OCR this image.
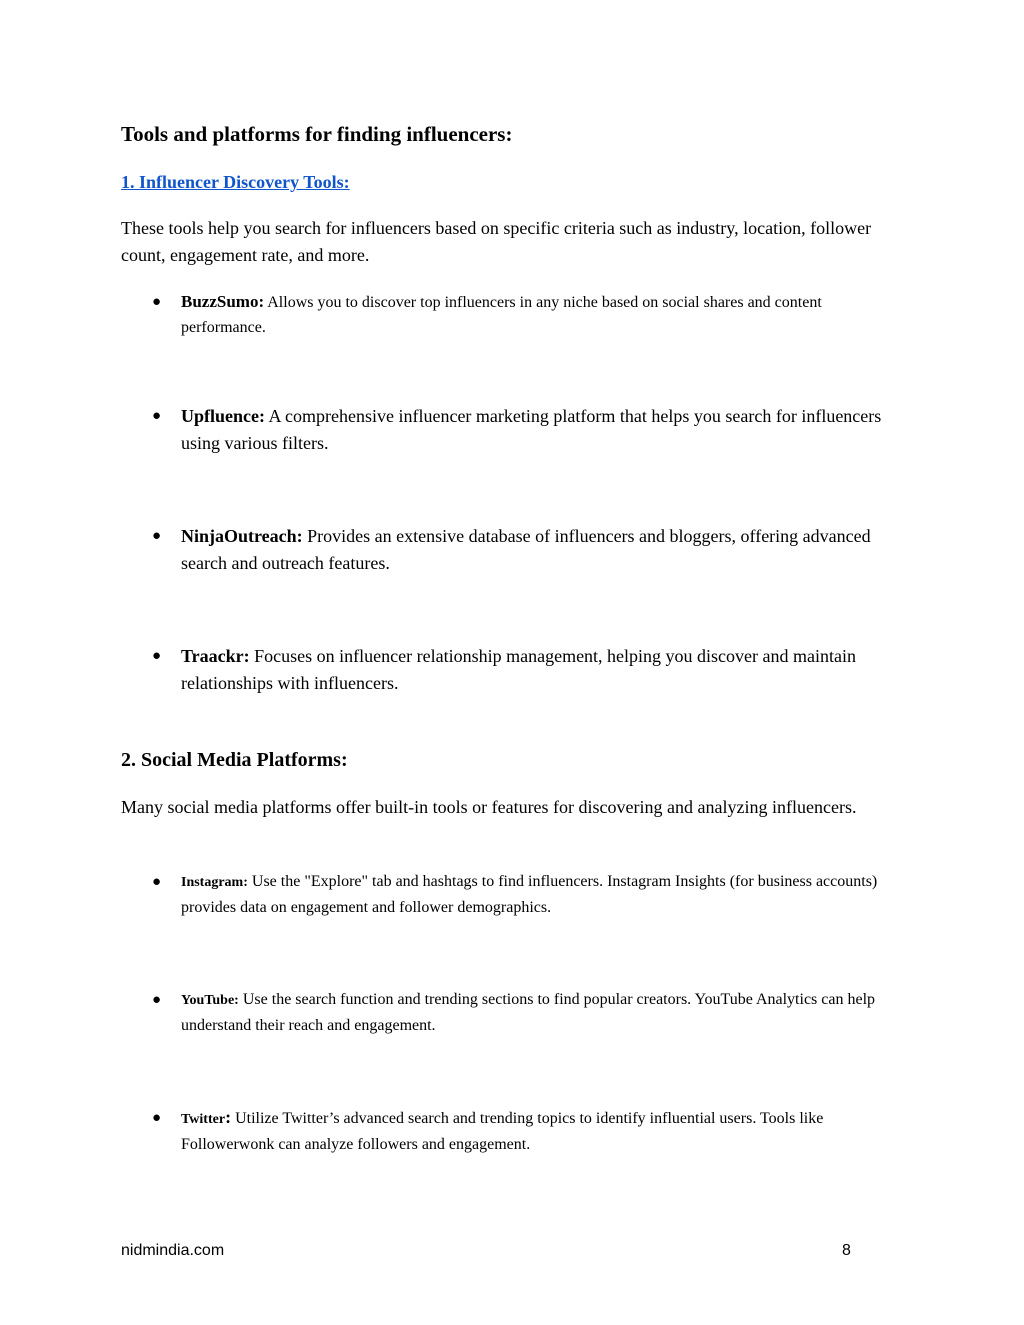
Tools and platforms for finding influencers:
1. Influencer Discovery Tools:

These tools help you search for influencers based on specific criteria such as industry, location, follower count, engagement rate, and more.

● BuzzSumo: Allows you to discover top influencers in any niche based on social shares and content performance.
● Upfluence: A comprehensive influencer marketing platform that helps you search for influencers using various filters.
● NinjaOutreach: Provides an extensive database of influencers and bloggers, offering advanced search and outreach features.
● Traackr: Focuses on influencer relationship management, helping you discover and maintain relationships with influencers.
2. Social Media Platforms:

Many social media platforms offer built-in tools or features for discovering and analyzing influencers.

● Instagram: Use the "Explore" tab and hashtags to find influencers. Instagram Insights (for business accounts) provides data on engagement and follower demographics.
● YouTube: Use the search function and trending sections to find popular creators. YouTube Analytics can help understand their reach and engagement.
● Twitter: Utilize Twitter’s advanced search and trending topics to identify influential users. Tools like Followerwonk can analyze followers and engagement.
nidmindia.com	8
